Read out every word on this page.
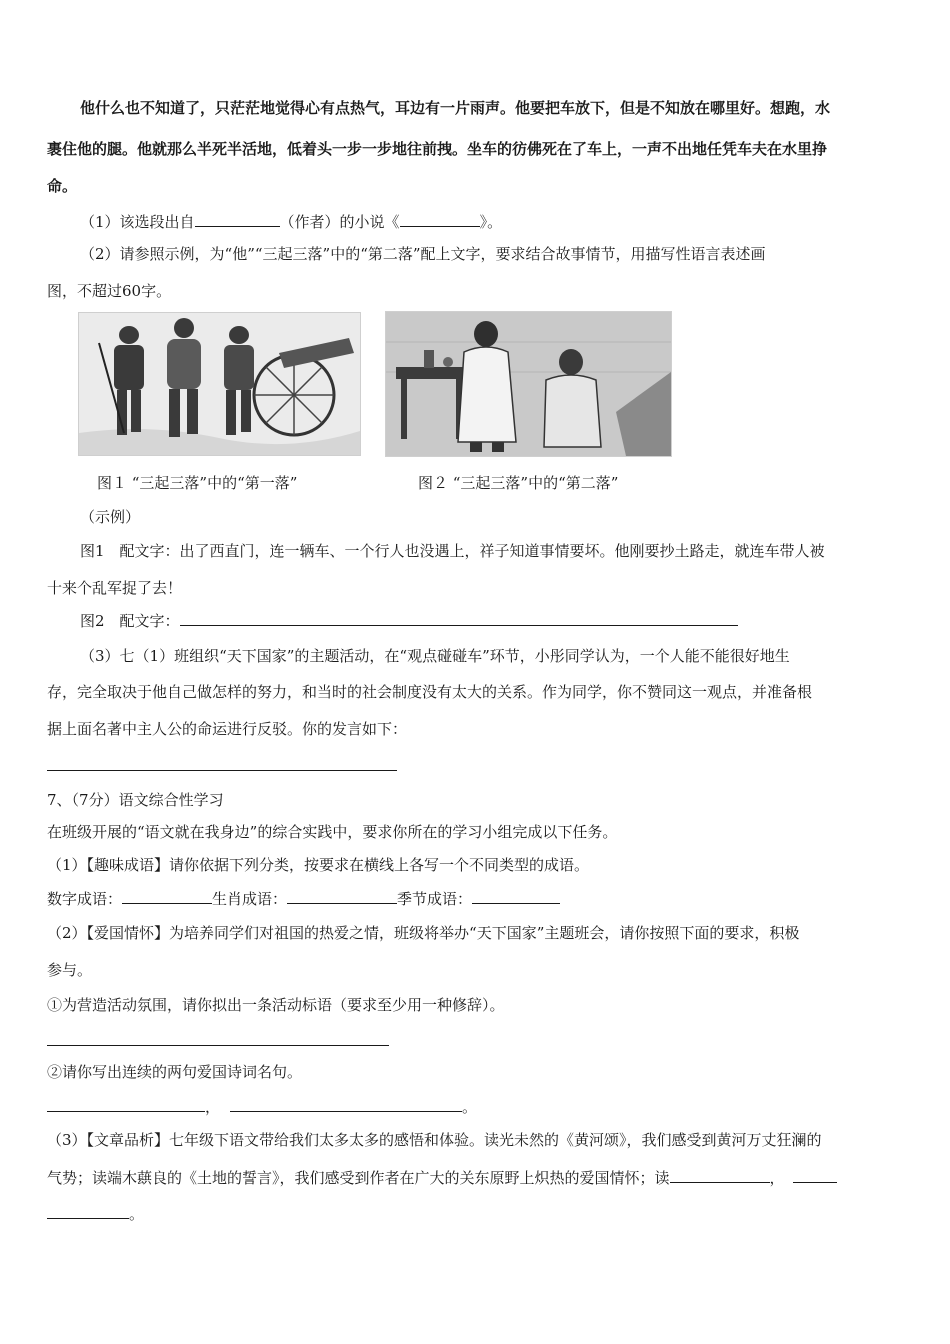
他什么也不知道了，只茫茫地觉得心有点热气，耳边有一片雨声。他要把车放下，但是不知放在哪里好。想跑，水
裹住他的腿。他就那么半死半活地，低着头一步一步地往前拽。坐车的彷佛死在了车上，一声不出地任凭车夫在水里挣
命。
（1）该选段出自	（作者）的小说《	》。
（2）请参照示例，为“他”“三起三落”中的“第二落”配上文字，要求结合故事情节，用描写性语言表述画
图，不超过60字。
图１ “三起三落”中的“第一落”	图２ “三起三落”中的“第二落”
（示例）
图1　配文字：出了西直门，连一辆车、一个行人也没遇上，祥子知道事情要坏。他刚要抄土路走，就连车带人被
十来个乱军捉了去！
图2　配文字：
（3）七（1）班组织“天下国家”的主题活动，在“观点碰碰车”环节，小彤同学认为，一个人能不能很好地生
存，完全取决于他自己做怎样的努力，和当时的社会制度没有太大的关系。作为同学，你不赞同这一观点，并准备根
据上面名著中主人公的命运进行反驳。你的发言如下：
7、（7分）语文综合性学习
在班级开展的“语文就在我身边”的综合实践中，要求你所在的学习小组完成以下任务。
（1）【趣味成语】请你依据下列分类，按要求在横线上各写一个不同类型的成语。
数字成语：	生肖成语：	季节成语：
（2）【爱国情怀】为培养同学们对祖国的热爱之情，班级将举办“天下国家”主题班会，请你按照下面的要求，积极
参与。
①为营造活动氛围，请你拟出一条活动标语（要求至少用一种修辞）。
②请你写出连续的两句爱国诗词名句。
，	。
（3）【文章品析】七年级下语文带给我们太多太多的感悟和体验。读光未然的《黄河颂》，我们感受到黄河万丈狂澜的
气势；读端木蕻良的《土地的誓言》，我们感受到作者在广大的关东原野上炽热的爱国情怀；读	，
。
